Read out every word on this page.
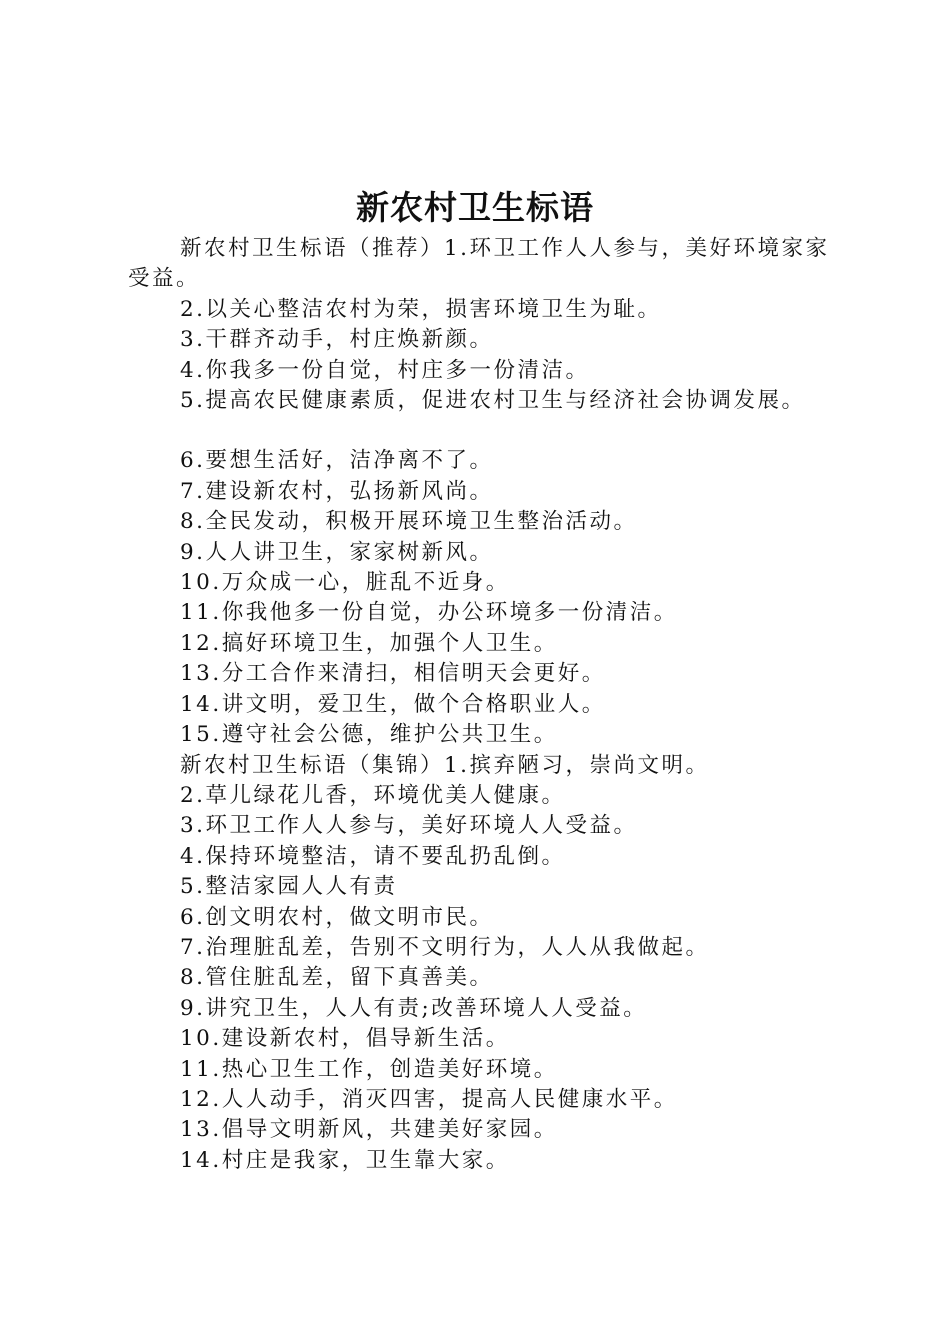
新农村卫生标语

新农村卫生标语（推荐）1.环卫工作人人参与，美好环境家家受益。

2.以关心整洁农村为荣，损害环境卫生为耻。

3.干群齐动手，村庄焕新颜。

4.你我多一份自觉，村庄多一份清洁。

5.提高农民健康素质，促进农村卫生与经济社会协调发展。

6.要想生活好，洁净离不了。

7.建设新农村，弘扬新风尚。

8.全民发动，积极开展环境卫生整治活动。

9.人人讲卫生，家家树新风。

10.万众成一心，脏乱不近身。

11.你我他多一份自觉，办公环境多一份清洁。

12.搞好环境卫生，加强个人卫生。

13.分工合作来清扫，相信明天会更好。

14.讲文明，爱卫生，做个合格职业人。

15.遵守社会公德，维护公共卫生。

新农村卫生标语（集锦）1.摈弃陋习，崇尚文明。

2.草儿绿花儿香，环境优美人健康。

3.环卫工作人人参与，美好环境人人受益。

4.保持环境整洁，请不要乱扔乱倒。

5.整洁家园人人有责

6.创文明农村，做文明市民。

7.治理脏乱差，告别不文明行为，人人从我做起。

8.管住脏乱差，留下真善美。

9.讲究卫生，人人有责;改善环境人人受益。

10.建设新农村，倡导新生活。

11.热心卫生工作，创造美好环境。

12.人人动手，消灭四害，提高人民健康水平。

13.倡导文明新风，共建美好家园。

14.村庄是我家，卫生靠大家。
